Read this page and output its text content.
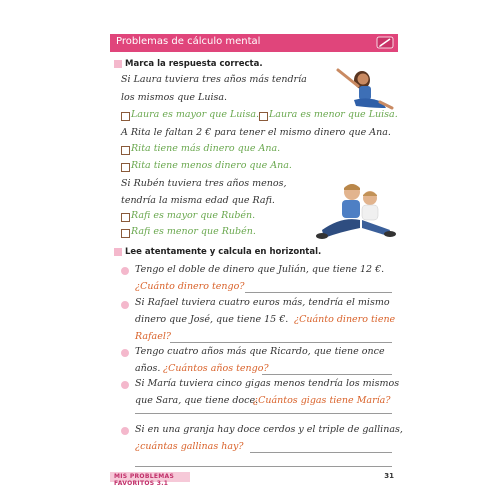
Problemas de cálculo mental
Marca la respuesta correcta.
Si Laura tuviera tres años más tendría
los mismos que Luisa.
Laura es mayor que Luisa. Laura es menor que Luisa.
A Rita le faltan 2 € para tener el mismo dinero que Ana.
Rita tiene más dinero que Ana.
Rita tiene menos dinero que Ana.
Si Rubén tuviera tres años menos,
tendría la misma edad que Rafi.
Rafi es mayor que Rubén.
Rafi es menor que Rubén.
Lee atentamente y calcula en horizontal.
Tengo el doble de dinero que Julián, que tiene 12 €.
¿Cuánto dinero tengo?
Si Rafael tuviera cuatro euros más, tendría el mismo
dinero que José, que tiene 15 €. ¿Cuánto dinero tiene
Rafael?
Tengo cuatro años más que Ricardo, que tiene once
años. ¿Cuántos años tengo?
Si María tuviera cinco gigas menos tendría los mismos
que Sara, que tiene doce.
¿Cuántos gigas tiene María?
Si en una granja hay doce cerdos y el triple de gallinas,
¿cuántas gallinas hay?
MIS PROBLEMAS FAVORITOS 3.1
31
